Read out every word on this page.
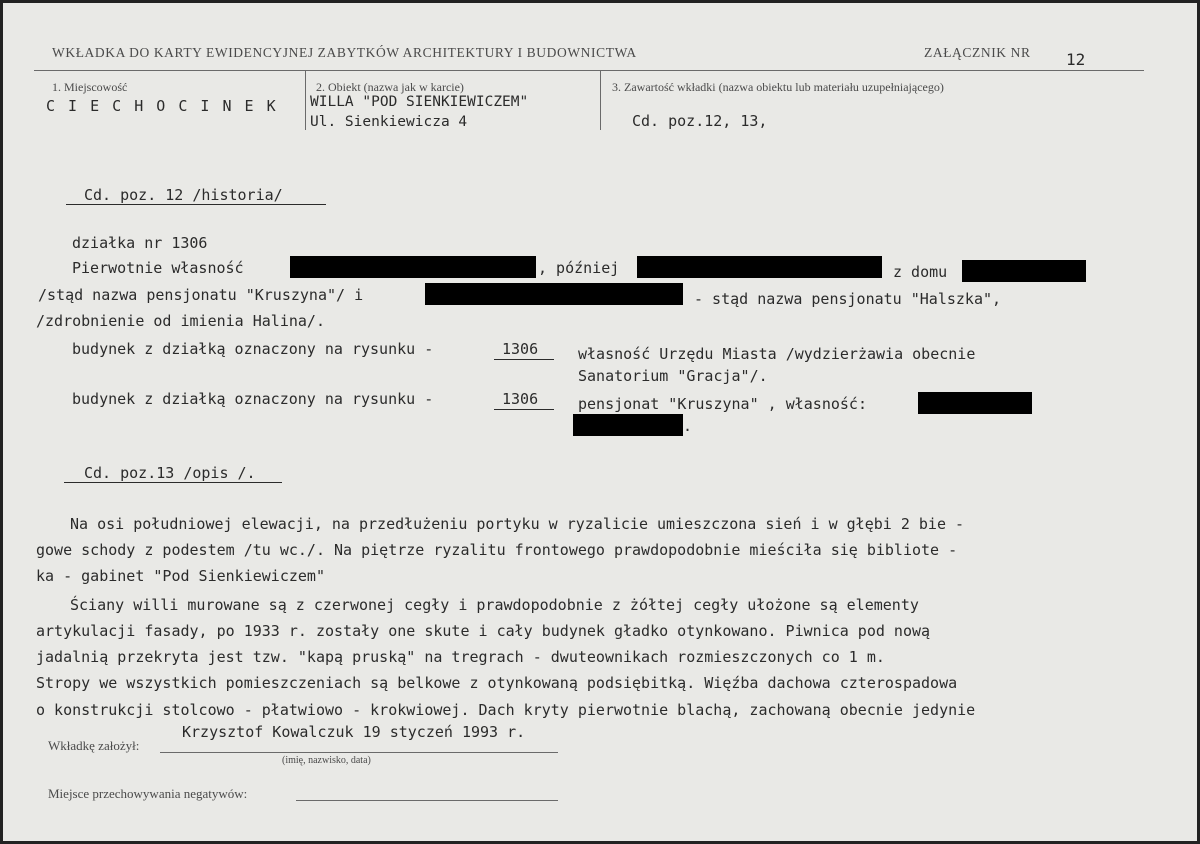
WKŁADKA DO KARTY EWIDENCYJNEJ ZABYTKÓW ARCHITEKTURY I BUDOWNICTWA	ZAŁĄCZNIK NR 12
1. Miejscowość
C I E C H O C I N E K
2. Obiekt (nazwa jak w karcie)
WILLA "POD SIENKIEWICZEM"
Ul. Sienkiewicza 4
3. Zawartość wkładki (nazwa obiektu lub materiału uzupełniającego)
Cd. poz.12, 13,
Cd. poz. 12 /historia/
działka nr 1306
Pierwotnie własność	, później	z domu
/stąd nazwa pensjonatu "Kruszyna"/ i	- stąd nazwa pensjonatu "Halszka",
/zdrobnienie od imienia Halina/.
budynek z działką oznaczony na rysunku -	1306	własność Urzędu Miasta /wydzierżawia obecnie
Sanatorium "Gracja"/.
budynek z działką oznaczony na rysunku -	1306	pensjonat "Kruszyna" , własność:
.
Cd. poz.13 /opis /.
Na osi południowej elewacji, na przedłużeniu portyku w ryzalicie umieszczona sień i w głębi 2 bie -
gowe schody z podestem /tu wc./. Na piętrze ryzalitu frontowego prawdopodobnie mieściła się bibliote -
ka - gabinet "Pod Sienkiewiczem"
Ściany willi murowane są z czerwonej cegły i prawdopodobnie z żółtej cegły ułożone są elementy
artykulacji fasady, po 1933 r. zostały one skute i cały budynek gładko otynkowano. Piwnica pod nową
jadalnią przekryta jest tzw. "kapą pruską" na tregrach - dwuteownikach rozmieszczonych co 1 m.
Stropy we wszystkich pomieszczeniach są belkowe z otynkowaną podsiębitką. Więźba dachowa czterospadowa
o konstrukcji stolcowo - płatwiowo - krokwiowej. Dach kryty pierwotnie blachą, zachowaną obecnie jedynie
Wkładkę założył:
Krzysztof Kowalczuk 19 styczeń 1993 r.
(imię, nazwisko, data)
Miejsce przechowywania negatywów:
